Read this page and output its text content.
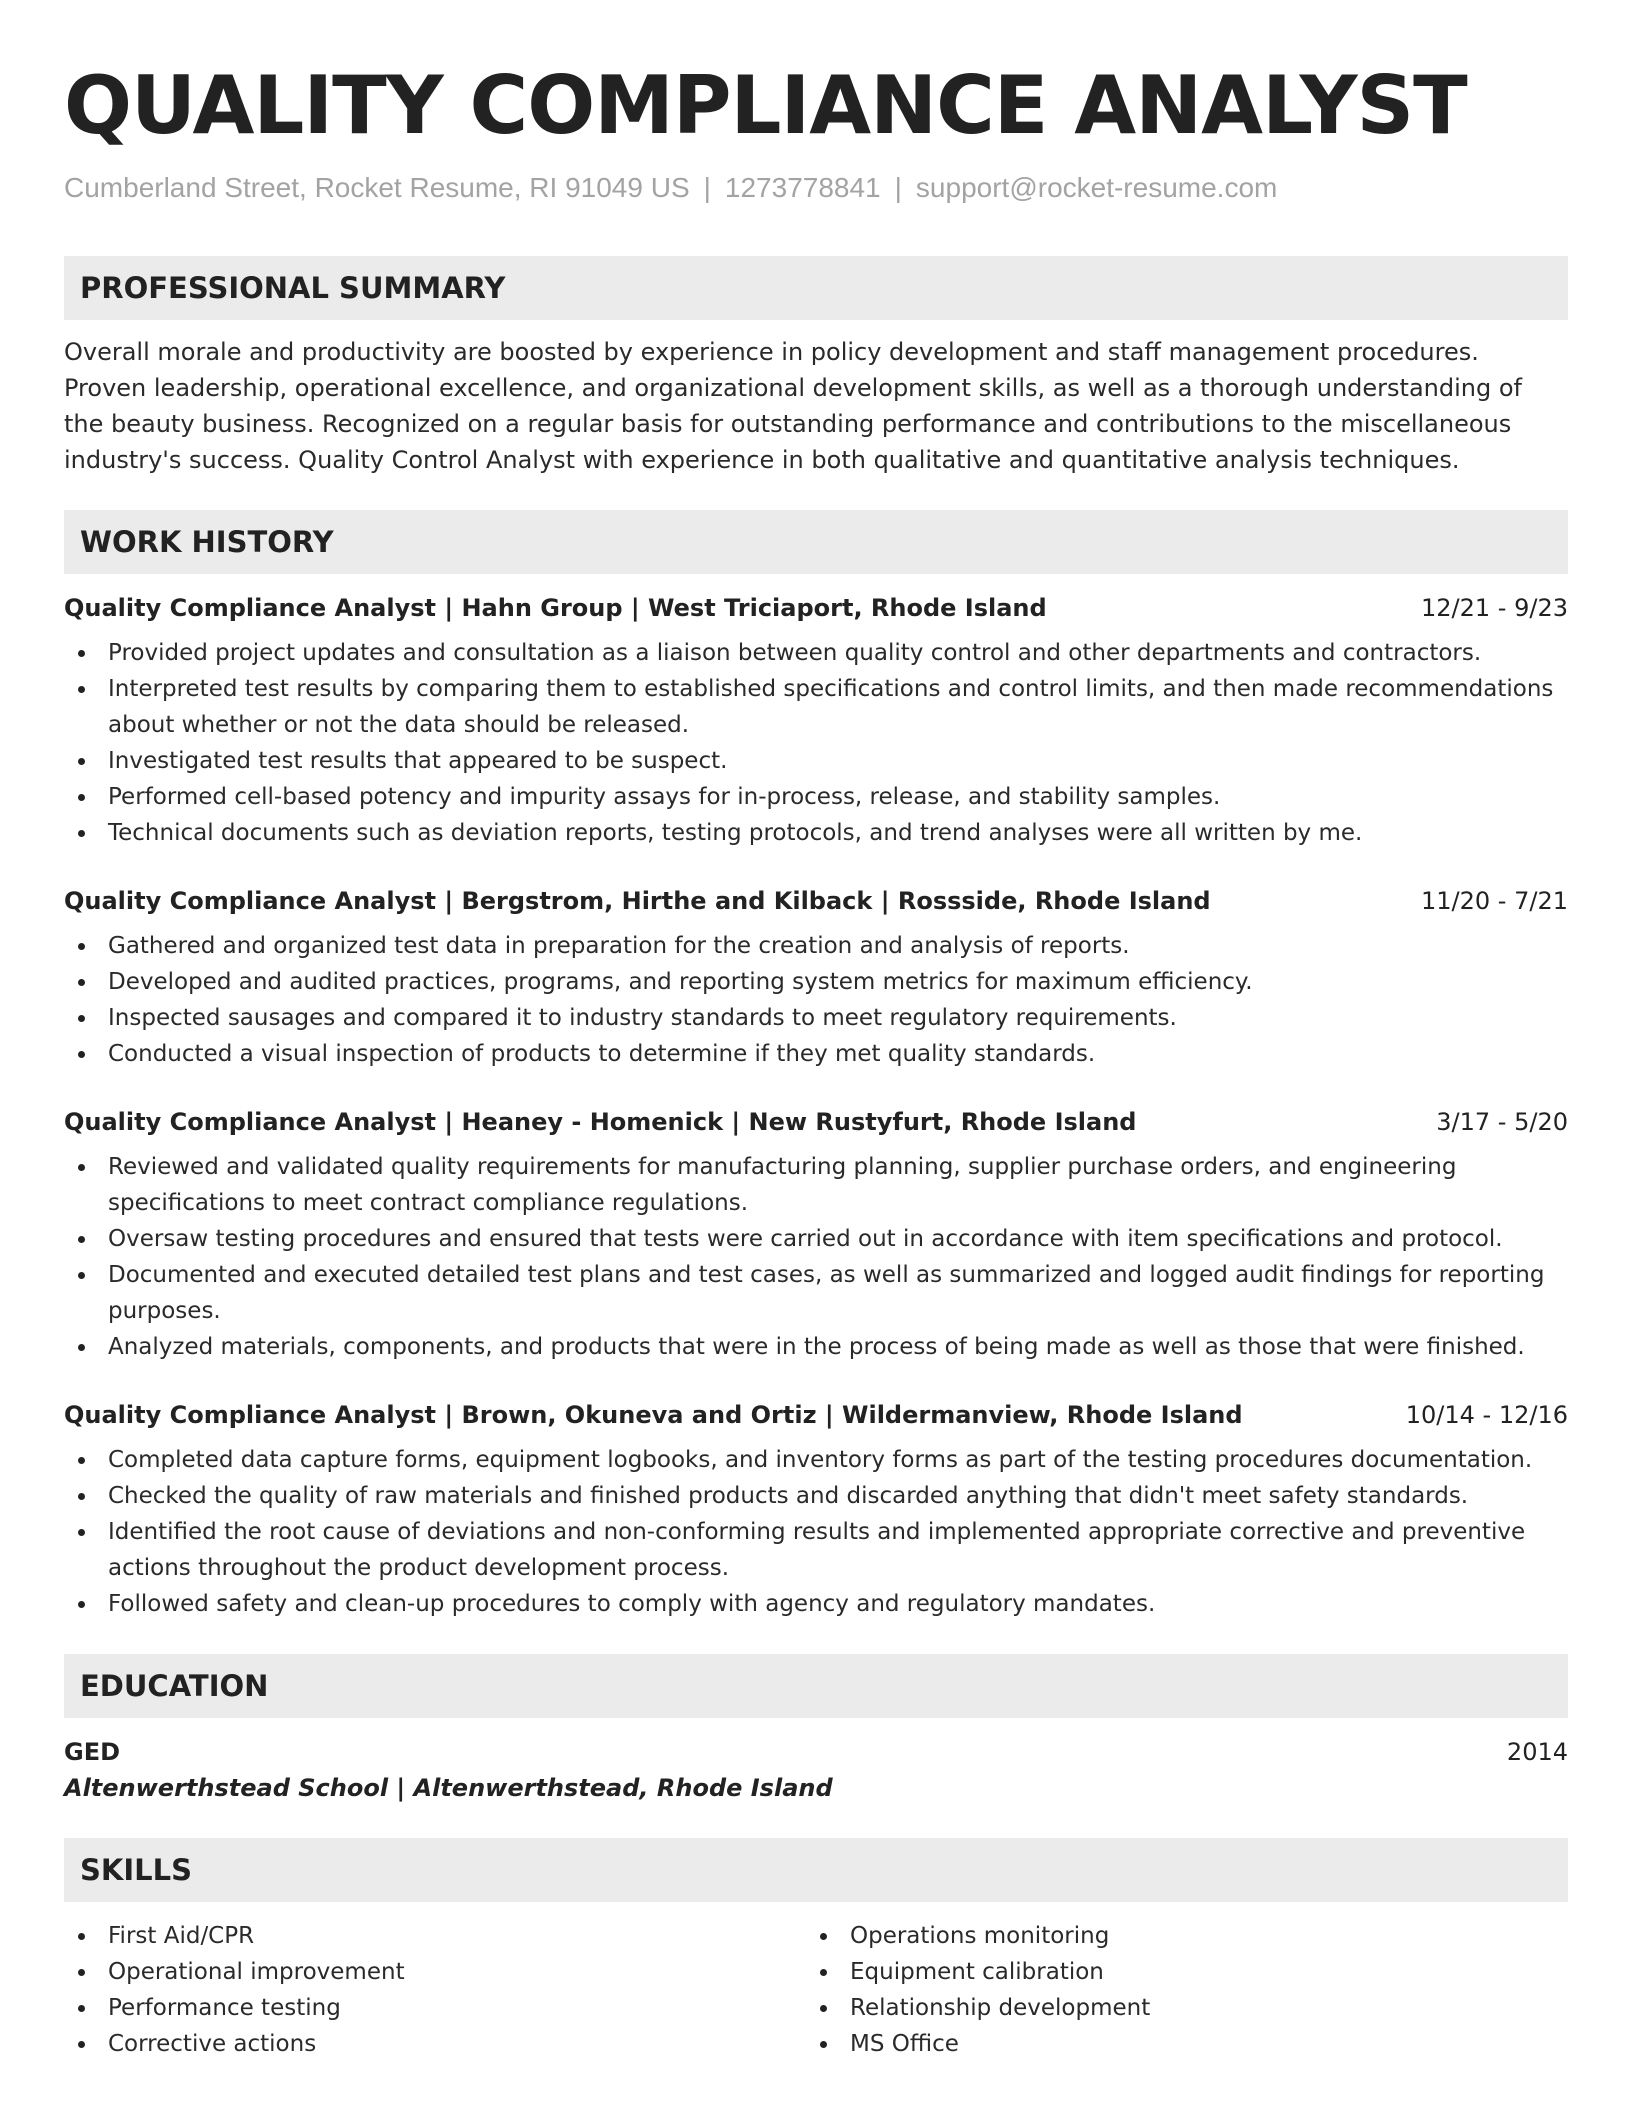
QUALITY COMPLIANCE ANALYST
Cumberland Street, Rocket Resume, RI 91049 US | 1273778841 | support@rocket-resume.com
PROFESSIONAL SUMMARY
Overall morale and productivity are boosted by experience in policy development and staff management procedures. Proven leadership, operational excellence, and organizational development skills, as well as a thorough understanding of the beauty business. Recognized on a regular basis for outstanding performance and contributions to the miscellaneous industry's success. Quality Control Analyst with experience in both qualitative and quantitative analysis techniques.
WORK HISTORY
Quality Compliance Analyst | Hahn Group | West Triciaport, Rhode Island	12/21 - 9/23
Provided project updates and consultation as a liaison between quality control and other departments and contractors.
Interpreted test results by comparing them to established specifications and control limits, and then made recommendations about whether or not the data should be released.
Investigated test results that appeared to be suspect.
Performed cell-based potency and impurity assays for in-process, release, and stability samples.
Technical documents such as deviation reports, testing protocols, and trend analyses were all written by me.
Quality Compliance Analyst | Bergstrom, Hirthe and Kilback | Rossside, Rhode Island	11/20 - 7/21
Gathered and organized test data in preparation for the creation and analysis of reports.
Developed and audited practices, programs, and reporting system metrics for maximum efficiency.
Inspected sausages and compared it to industry standards to meet regulatory requirements.
Conducted a visual inspection of products to determine if they met quality standards.
Quality Compliance Analyst | Heaney - Homenick | New Rustyfurt, Rhode Island	3/17 - 5/20
Reviewed and validated quality requirements for manufacturing planning, supplier purchase orders, and engineering specifications to meet contract compliance regulations.
Oversaw testing procedures and ensured that tests were carried out in accordance with item specifications and protocol.
Documented and executed detailed test plans and test cases, as well as summarized and logged audit findings for reporting purposes.
Analyzed materials, components, and products that were in the process of being made as well as those that were finished.
Quality Compliance Analyst | Brown, Okuneva and Ortiz | Wildermanview, Rhode Island	10/14 - 12/16
Completed data capture forms, equipment logbooks, and inventory forms as part of the testing procedures documentation.
Checked the quality of raw materials and finished products and discarded anything that didn't meet safety standards.
Identified the root cause of deviations and non-conforming results and implemented appropriate corrective and preventive actions throughout the product development process.
Followed safety and clean-up procedures to comply with agency and regulatory mandates.
EDUCATION
GED	2014
Altenwerthstead School | Altenwerthstead, Rhode Island
SKILLS
First Aid/CPR
Operational improvement
Performance testing
Corrective actions
Operations monitoring
Equipment calibration
Relationship development
MS Office
